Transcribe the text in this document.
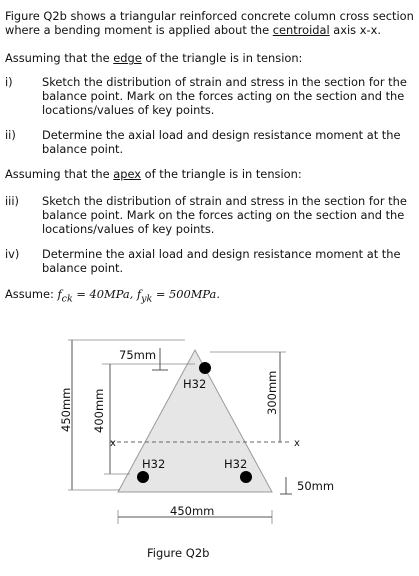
Figure Q2b shows a triangular reinforced concrete column cross section
where a bending moment is applied about the centroidal axis x-x.
Assuming that the edge of the triangle is in tension:
i)	Sketch the distribution of strain and stress in the section for the
balance point. Mark on the forces acting on the section and the
locations/values of key points.
ii) Determine the axial load and design resistance moment at the
balance point.
Assuming that the apex of the triangle is in tension:
iii) Sketch the distribution of strain and stress in the section for the
balance point. Mark on the forces acting on the section and the
locations/values of key points.
iv) Determine the axial load and design resistance moment at the
balance point.
Assume: $f_{ck} = 40MPa$, $f_{yk} = 500MPa$.
75mm
H32
H32	H32
x	x
50mm
450mm
Figure Q2b
450mm 400mm	300mm
